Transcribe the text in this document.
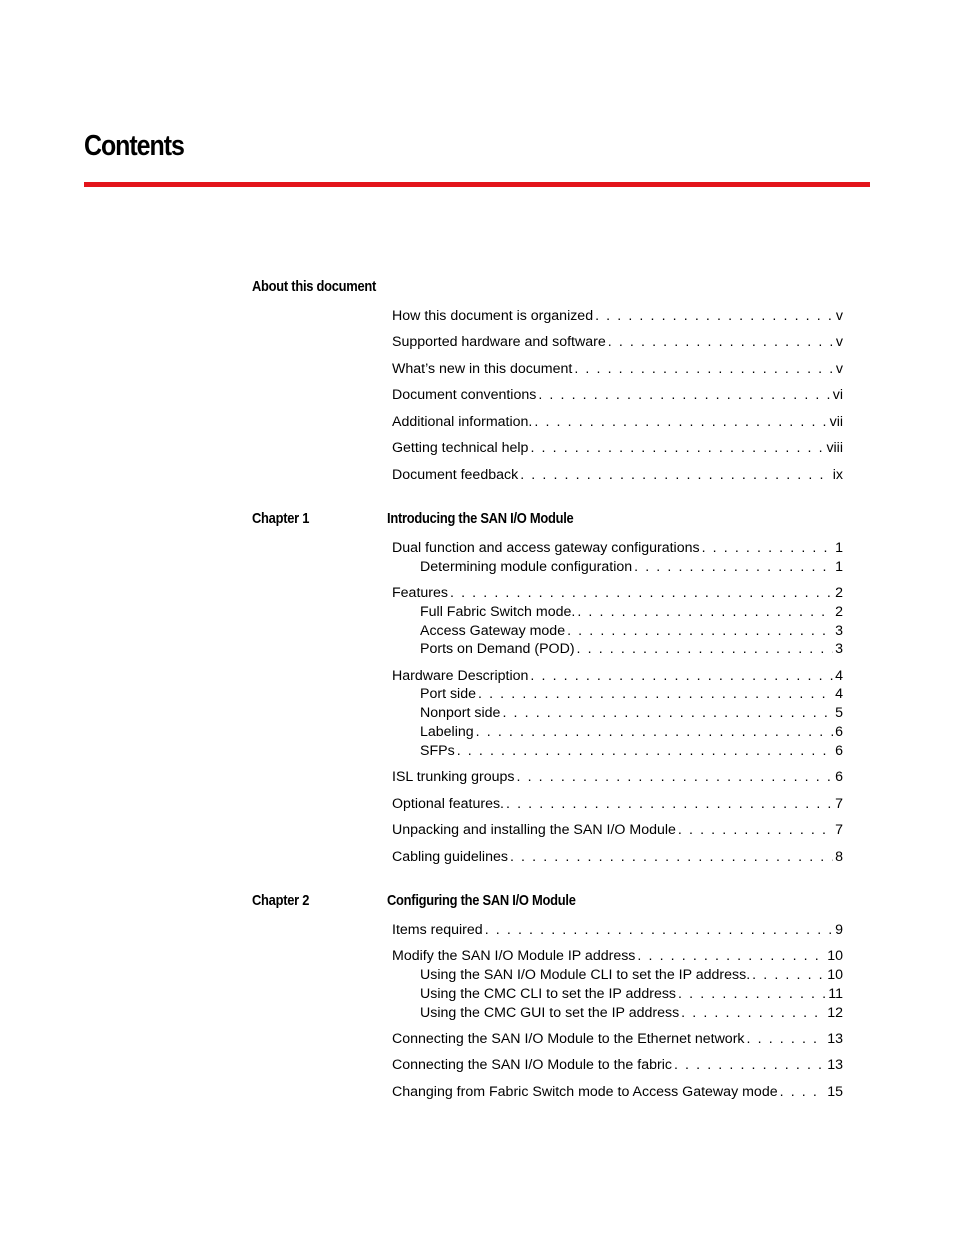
Contents
About this document
How this document is organized . . .	v
Supported hardware and software . . .	v
What’s new in this document . . .	v
Document conventions . . .	vi
Additional information. . . .	vii
Getting technical help . . .	viii
Document feedback . . .	ix
Chapter 1	Introducing the SAN I/O Module
Dual function and access gateway configurations . . .	1
Determining module configuration . . .	1
Features . . .	2
Full Fabric Switch mode. . . .	2
Access Gateway mode . . .	3
Ports on Demand (POD) . . .	3
Hardware Description . . .	4
Port side . . .	4
Nonport side . . .	5
Labeling . . .	6
SFPs . . .	6
ISL trunking groups . . .	6
Optional features. . . .	7
Unpacking and installing the SAN I/O Module . . .	7
Cabling guidelines . . .	8
Chapter 2	Configuring the SAN I/O Module
Items required . . .	9
Modify the SAN I/O Module IP address . . .	10
Using the SAN I/O Module CLI to set the IP address. . . .	10
Using the CMC CLI to set the IP address . . .	11
Using the CMC GUI to set the IP address . . .	12
Connecting the SAN I/O Module to the Ethernet network . . .	13
Connecting the SAN I/O Module to the fabric . . .	13
Changing from Fabric Switch mode to Access Gateway mode . . .	15
